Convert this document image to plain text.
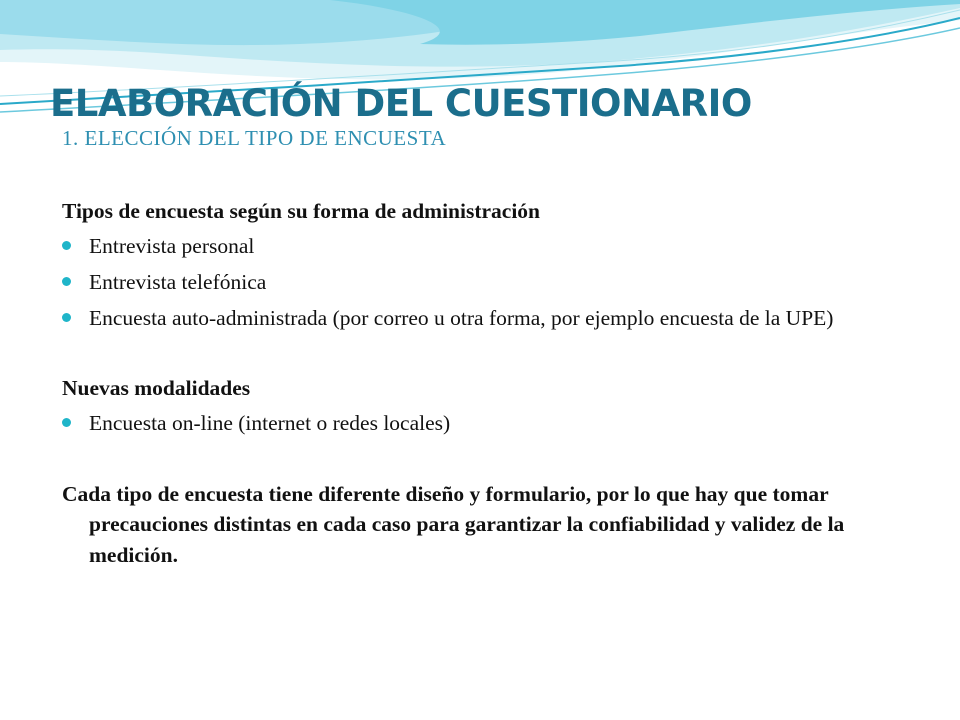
ELABORACIÓN DEL CUESTIONARIO
1. ELECCIÓN DEL TIPO DE ENCUESTA

Tipos de encuesta según su forma de administración

Entrevista personal
Entrevista telefónica
Encuesta auto-administrada (por correo u otra forma, por ejemplo encuesta de la UPE)

Nuevas modalidades

Encuesta on-line (internet o redes locales)

Cada tipo de encuesta tiene diferente diseño y formulario, por lo que hay que tomar precauciones distintas en cada caso para garantizar la confiabilidad y validez de la medición.
